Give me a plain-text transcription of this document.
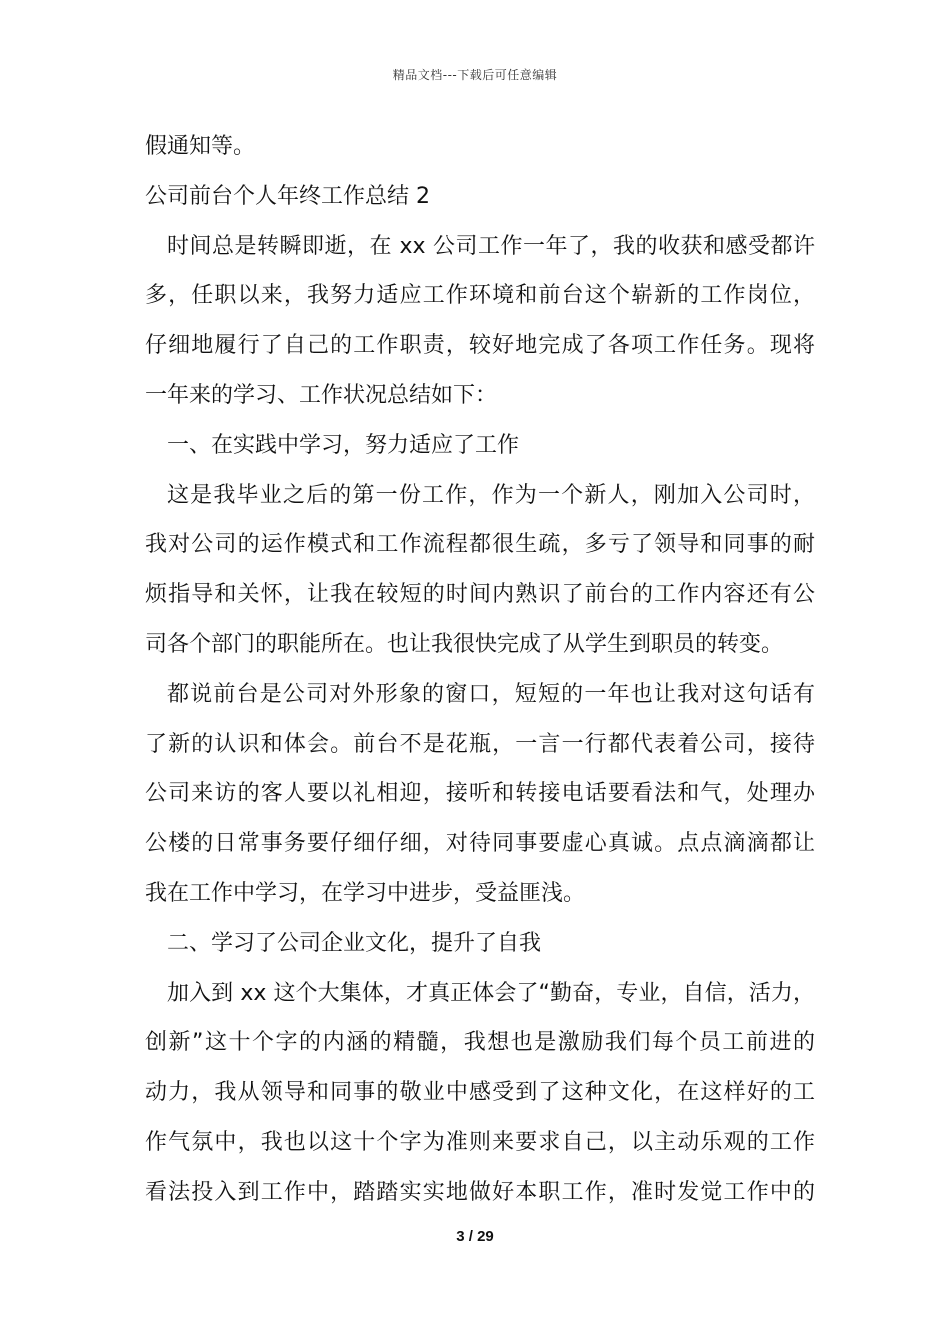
精品文档---下载后可任意编辑
假通知等。
公司前台个人年终工作总结 2
时间总是转瞬即逝，在 xx 公司工作一年了，我的收获和感受都许
多，任职以来，我努力适应工作环境和前台这个崭新的工作岗位，
仔细地履行了自己的工作职责，较好地完成了各项工作任务。现将
一年来的学习、工作状况总结如下：
一、在实践中学习，努力适应了工作
这是我毕业之后的第一份工作，作为一个新人，刚加入公司时，
我对公司的运作模式和工作流程都很生疏，多亏了领导和同事的耐
烦指导和关怀，让我在较短的时间内熟识了前台的工作内容还有公
司各个部门的职能所在。也让我很快完成了从学生到职员的转变。
都说前台是公司对外形象的窗口，短短的一年也让我对这句话有
了新的认识和体会。前台不是花瓶，一言一行都代表着公司，接待
公司来访的客人要以礼相迎，接听和转接电话要看法和气，处理办
公楼的日常事务要仔细仔细，对待同事要虚心真诚。点点滴滴都让
我在工作中学习，在学习中进步，受益匪浅。
二、学习了公司企业文化，提升了自我
加入到 xx 这个大集体，才真正体会了“勤奋，专业，自信，活力，
创新”这十个字的内涵的精髓，我想也是激励我们每个员工前进的
动力，我从领导和同事的敬业中感受到了这种文化，在这样好的工
作气氛中，我也以这十个字为准则来要求自己，以主动乐观的工作
看法投入到工作中，踏踏实实地做好本职工作，准时发觉工作中的
3 / 29
